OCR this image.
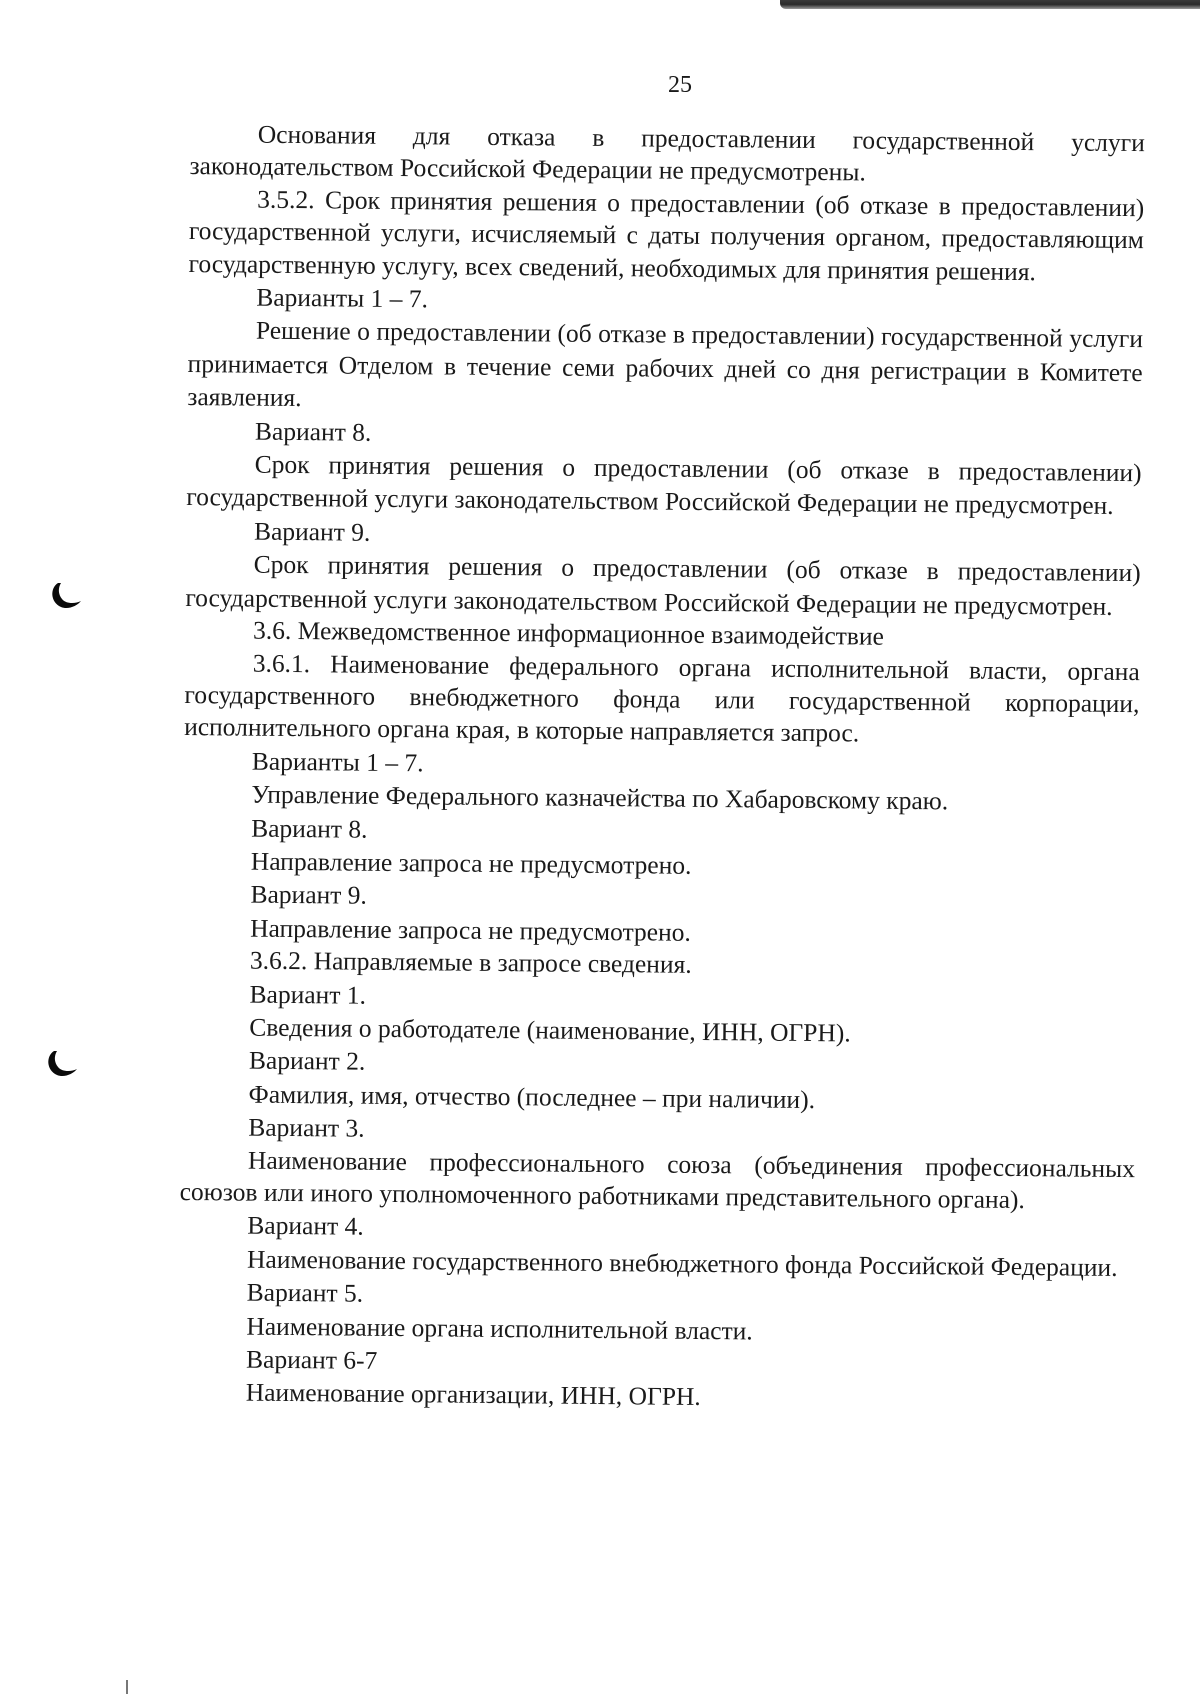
25

Основания для отказа в предоставлении государственной услуги законодательством Российской Федерации не предусмотрены.

3.5.2. Срок принятия решения о предоставлении (об отказе в предоставлении) государственной услуги, исчисляемый с даты получения органом, предоставляющим государственную услугу, всех сведений, необходимых для принятия решения.

Варианты 1 – 7.

Решение о предоставлении (об отказе в предоставлении) государственной услуги принимается Отделом в течение семи рабочих дней со дня регистрации в Комитете заявления.

Вариант 8.

Срок принятия решения о предоставлении (об отказе в предоставлении) государственной услуги законодательством Российской Федерации не предусмотрен.

Вариант 9.

Срок принятия решения о предоставлении (об отказе в предоставлении) государственной услуги законодательством Российской Федерации не предусмотрен.

3.6. Межведомственное информационное взаимодействие

3.6.1. Наименование федерального органа исполнительной власти, органа государственного внебюджетного фонда или государственной корпорации, исполнительного органа края, в которые направляется запрос.

Варианты 1 – 7.

Управление Федерального казначейства по Хабаровскому краю.

Вариант 8.

Направление запроса не предусмотрено.

Вариант 9.

Направление запроса не предусмотрено.

3.6.2. Направляемые в запросе сведения.

Вариант 1.

Сведения о работодателе (наименование, ИНН, ОГРН).

Вариант 2.

Фамилия, имя, отчество (последнее – при наличии).

Вариант 3.

Наименование профессионального союза (объединения профессиональных союзов или иного уполномоченного работниками представительного органа).

Вариант 4.

Наименование государственного внебюджетного фонда Российской Федерации.

Вариант 5.

Наименование органа исполнительной власти.

Вариант 6-7

Наименование организации, ИНН, ОГРН.
